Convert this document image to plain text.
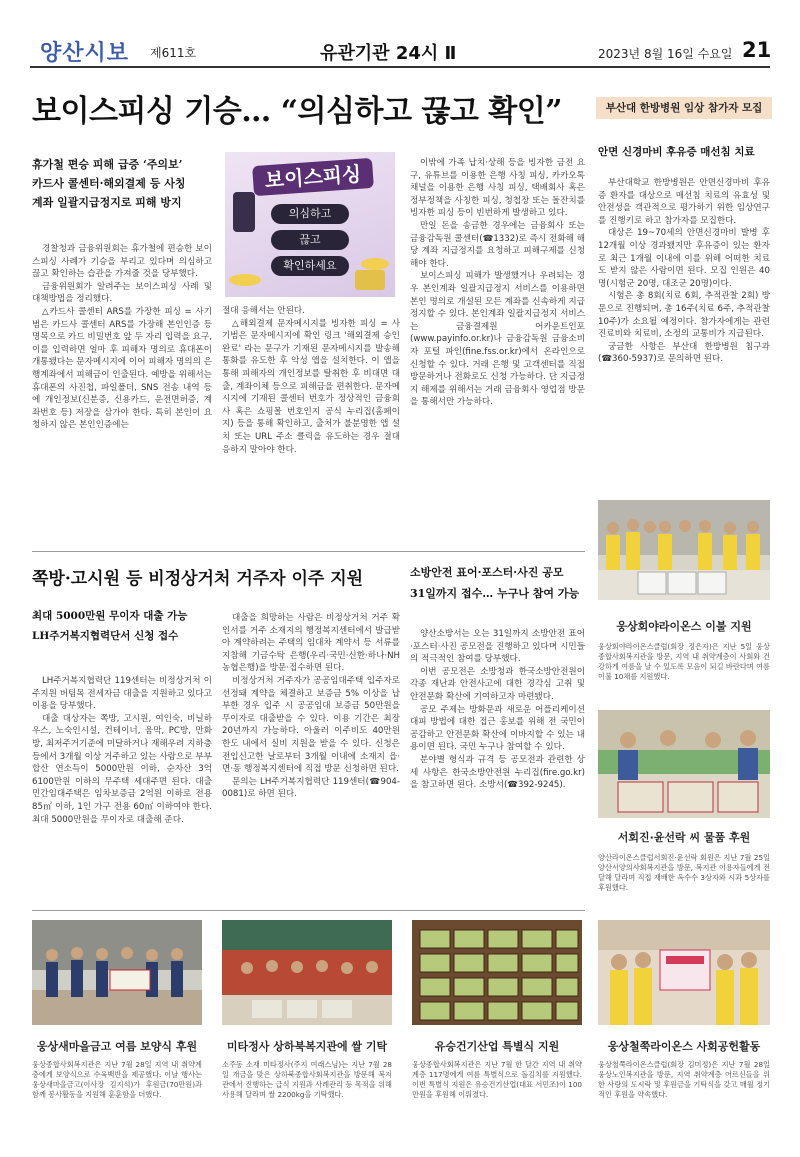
양산시보 제611호	유관기관 24시 Ⅱ	2023년 8월 16일 수요일 21
보이스피싱 기승… “의심하고 끊고 확인”
휴가철 편승 피해 급증 ‘주의보’
카드사 콜센터·해외결제 등 사칭
계좌 일괄지급정지로 피해 방지

경찰청과 금융위원회는 휴가철에 편승한 보이스피싱 사례가 기승을 부리고 있다며 의심하고 끊고 확인하는 습관을 가져줄 것을 당부했다.

금융위원회가 알려주는 보이스피싱 사례 및 대책방법을 정리했다.

△카드사 콜센터 ARS를 가장한 피싱 = 사기범은 카드사 콜센터 ARS를 가장해 본인인증 등 명목으로 카드 비밀번호 앞 두 자리 입력을 요구, 이를 입력하면 얼마 후 피해자 명의로 휴대폰이 개통됐다는 문자메시지에 이어 피해자 명의의 은행계좌에서 피해금이 인출된다. 예방을 위해서는 휴대폰의 사진첩, 파일폴더, SNS 전송 내역 등에 개인정보(신분증, 신용카드, 운전면허증, 계좌번호 등) 저장을 삼가야 한다. 특히 본인이 요청하지 않은 본인인증에는

보이스피싱
의심하고
끊고
확인하세요

절대 응해서는 안된다.

△해외결제 문자메시지를 빙자한 피싱 = 사기범은 문자메시지에 확인 링크 '해외결제 승인 완료' 라는 문구가 기재된 문자메시지를 발송해 통화를 유도한 후 악성 앱을 설치한다. 이 앱을 통해 피해자의 개인정보를 탈취한 후 비대면 대출, 계좌이체 등으로 피해금을 편취한다. 문자메시지에 기재된 콜센터 번호가 정상적인 금융회사 혹은 쇼핑몰 번호인지 공식 누리집(홈페이지) 등을 통해 확인하고, 출처가 불분명한 앱 설치 또는 URL 주소 클릭을 유도하는 경우 절대 응하지 말아야 한다.

이밖에 가족 납치·상해 등을 빙자한 금전 요구, 유튜브를 이용한 은행 사칭 피싱, 카카오톡 채널을 이용한 은행 사칭 피싱, 택배회사 혹은 정부정책을 사칭한 피싱, 청첩장 또는 돌잔치를 빙자한 피싱 등이 빈번하게 발생하고 있다.

만일 돈을 송금한 경우에는 금융회사 또는 금융감독원 콜센터(☎1332)로 즉시 전화해 해당 계좌 지급정지를 요청하고 피해구제를 신청해야 한다.

보이스피싱 피해가 발생했거나 우려되는 경우 본인계좌 일괄지급정지 서비스를 이용하면 본인 명의로 개설된 모든 계좌를 신속하게 지급정지할 수 있다. 본인계좌 일괄지급정지 서비스는 금융결제원 어카운트인포(www.payinfo.or.kr)나 금융감독원 금융소비자 포털 파인(fine.fss.or.kr)에서 온라인으로 신청할 수 있다. 거래 은행 및 고객센터를 직접 방문하거나 전화로도 신청 가능하다. 단 지급정지 해제를 위해서는 거래 금융회사 영업점 방문을 통해서만 가능하다.

부산대 한방병원 임상 참가자 모집
안면 신경마비 후유증 매선침 치료

부산대학교 한방병원은 안면신경마비 후유증 환자를 대상으로 매선침 치료의 유효성 및 안전성을 객관적으로 평가하기 위한 임상연구를 진행키로 하고 참가자를 모집한다.

대상은 19~70세의 안면신경마비 발병 후 12개월 이상 경과됐지만 후유증이 있는 환자로 최근 1개월 이내에 이를 위해 어떠한 치료도 받지 않은 사람이면 된다. 모집 인원은 40명(시험군 20명, 대조군 20명)이다.

시험은 총 8회(치료 6회, 추적관찰 2회) 방문으로 진행되며, 총 16주(치료 6주, 추적관찰 10주)가 소요될 예정이다. 참가자에게는 관련 진료비와 치료비, 소정의 교통비가 지급된다.

궁금한 사항은 부산대 한방병원 침구과(☎360-5937)로 문의하면 된다.

웅상회야라이온스 이불 지원
웅상회야라이온스클럽(회장 정은자)은 지난 5일 웅상종합사회복지관을 방문, 지역 내 취약계층이 사회와 건강하게 여름을 날 수 있도록 모음이 되길 바란다며 여름 이불 10채를 지원했다.
서회진·윤선락 씨 물품 후원
양산라이온스클럽서회진·윤선락 회원은 지난 7월 25일 양산서양의사회복지관을 방문, 복지관 이용자들에게 전달해 달라며 직접 재배한 옥수수 3상자와 시과 5상자를 후원했다.
쪽방·고시원 등 비정상거처 거주자 이주 지원
최대 5000만원 무이자 대출 가능
LH주거복지협력단서 신청 접수

LH주거복지협력단 119센터는 비정상거처 이주지원 버팀목 전세자금 대출을 지원하고 있다고 이용을 당부했다.

대출 대상자는 쪽방, 고시원, 여인숙, 비닐하우스, 노숙인시설, 컨테이너, 움막, PC방, 만화방, 최저주거기준에 미달하거나 재해우려 지하층 등에서 3개월 이상 거주하고 있는 사람으로 부부합산 연소득이 5000만원 이하, 순자산 3억 6100만원 이하의 무주택 세대주면 된다. 대출 민간임대주택은 임차보증금 2억원 이하로 전용 85㎡ 이하, 1인 가구 전용 60㎡ 이하여야 한다. 최대 5000만원을 무이자로 대출해 준다.

대출을 희망하는 사람은 비정상거처 거주 확인서를 거주 소재지의 행정복지센터에서 발급받아 계약하려는 주택의 임대차 계약서 등 서류를 지참해 기금수탁 은행(우리·국민·신한·하나·NH농협은행)을 방문·접수하면 된다.

비정상거처 거주자가 공공임대주택 입주자로 선정돼 계약을 체결하고 보증금 5% 이상을 납부한 경우 입주 시 공공임대 보증금 50만원을 무이자로 대출받을 수 있다. 이용 기간은 최장 20년까지 가능하다. 아울러 이주비도 40만원 한도 내에서 실비 지원을 받을 수 있다. 신청은 전입신고한 날로부터 3개월 이내에 소재지 읍·면·동 행정복지센터에 직접 방문 신청하면 된다.

문의는 LH주거복지협력단 119센터(☎904-0081)로 하면 된다.

소방안전 표어·포스터·사진 공모
31일까지 접수… 누구나 참여 가능

양산소방서는 오는 31일까지 소방안전 표어·포스터·사진 공모전을 진행하고 있다며 시민들의 적극적인 참여를 당부했다.

이번 공모전은 소방청과 한국소방안전원이 각종 재난과 안전사고에 대한 경각심 고취 및 안전문화 확산에 기여하고자 마련됐다.

공모 주제는 방화문과 새로운 어플리케이션 대피 방법에 대한 접근 홍보를 위해 전 국민이 공감하고 안전문화 확산에 이바지할 수 있는 내용이면 된다. 국민 누구나 참여할 수 있다.

분야별 형식과 규격 등 공모전과 관련한 상세 사항은 한국소방안전원 누리집(fire.go.kr)을 참고하면 된다. 소방서(☎392-9245).

웅상새마을금고 여름 보양식 후원
웅상종합사회복지관은 지난 7월 28일 지역 내 취약계층에게 보양식으로 수육백반을 제공했다. 이날 행사는 웅상새마을금고(이사장 김지석)가 후원금(70만원)과 함께 봉사활동을 지원해 훈훈함을 더했다.
미타정사 상하북복지관에 쌀 기탁
소주동 소재 미타정사(주지 여래스님)는 지난 7월 28일 개금을 맞은 상하북종합사회복지관을 방문해 복지관에서 진행하는 급식 지원과 사례관리 등 목적을 위해 사용해 달라며 쌀 2200kg을 기탁했다.
유승건기산업 특별식 지원
웅상종합사회복지관은 지난 7월 한 달간 지역 내 취약계층 117명에게 여름 특별식으로 돌김치를 지원했다. 이번 특별식 지원은 유승건기산업(대표 서민조)이 100만원을 후원해 이뤄졌다.
웅상철쭉라이온스 사회공헌활동
웅상철쭉라이온스클럽(회장 김미정)은 지난 7월 28일 웅상노인복지관을 방문, 지역 취약계층 어르신들을 위한 사랑의 도시락 및 후원금을 기탁식을 갖고 매월 정기적인 후원을 약속했다.
